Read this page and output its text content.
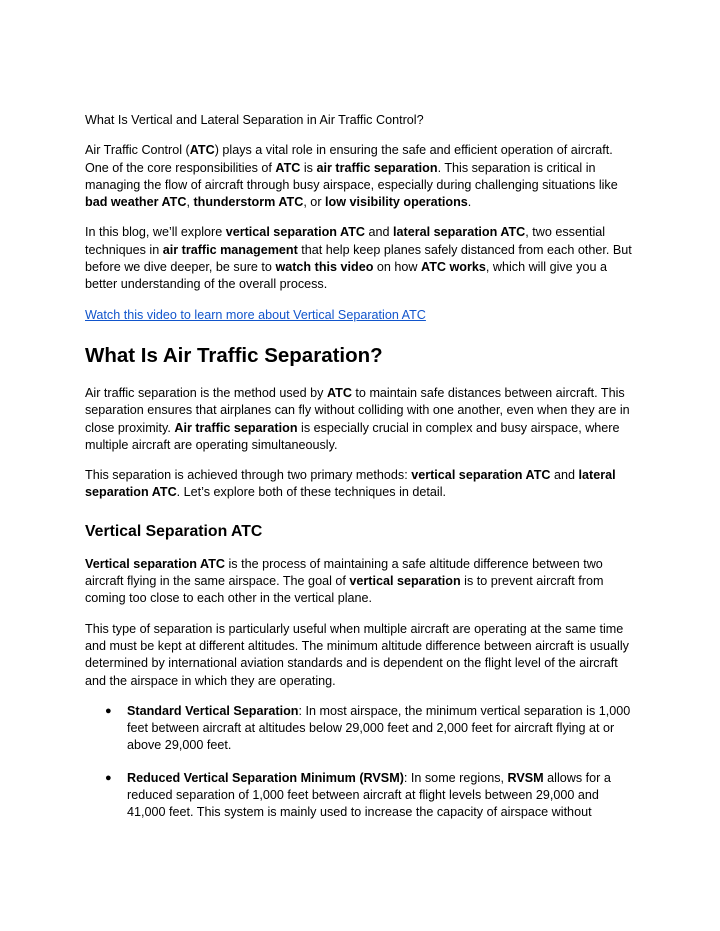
What Is Vertical and Lateral Separation in Air Traffic Control?

Air Traffic Control (ATC) plays a vital role in ensuring the safe and efficient operation of aircraft. One of the core responsibilities of ATC is air traffic separation. This separation is critical in managing the flow of aircraft through busy airspace, especially during challenging situations like bad weather ATC, thunderstorm ATC, or low visibility operations.

In this blog, we’ll explore vertical separation ATC and lateral separation ATC, two essential techniques in air traffic management that help keep planes safely distanced from each other. But before we dive deeper, be sure to watch this video on how ATC works, which will give you a better understanding of the overall process.

Watch this video to learn more about Vertical Separation ATC

What Is Air Traffic Separation?

Air traffic separation is the method used by ATC to maintain safe distances between aircraft. This separation ensures that airplanes can fly without colliding with one another, even when they are in close proximity. Air traffic separation is especially crucial in complex and busy airspace, where multiple aircraft are operating simultaneously.

This separation is achieved through two primary methods: vertical separation ATC and lateral separation ATC. Let’s explore both of these techniques in detail.

Vertical Separation ATC

Vertical separation ATC is the process of maintaining a safe altitude difference between two aircraft flying in the same airspace. The goal of vertical separation is to prevent aircraft from coming too close to each other in the vertical plane.

This type of separation is particularly useful when multiple aircraft are operating at the same time and must be kept at different altitudes. The minimum altitude difference between aircraft is usually determined by international aviation standards and is dependent on the flight level of the aircraft and the airspace in which they are operating.

● Standard Vertical Separation: In most airspace, the minimum vertical separation is 1,000 feet between aircraft at altitudes below 29,000 feet and 2,000 feet for aircraft flying at or above 29,000 feet.
● Reduced Vertical Separation Minimum (RVSM): In some regions, RVSM allows for a reduced separation of 1,000 feet between aircraft at flight levels between 29,000 and 41,000 feet. This system is mainly used to increase the capacity of airspace without
